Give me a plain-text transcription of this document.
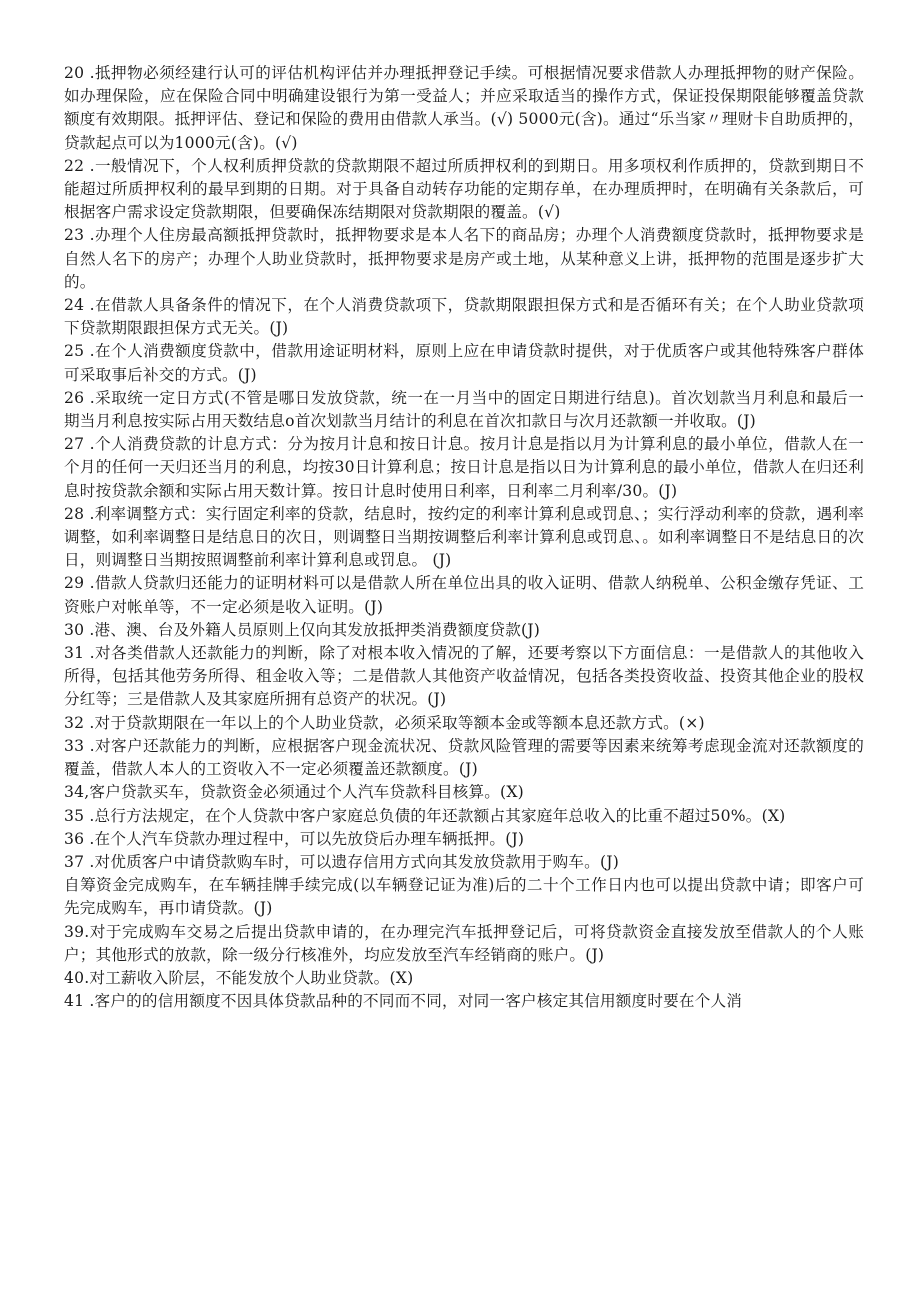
20 .抵押物必须经建行认可的评估机构评估并办理抵押登记手续。可根据情况要求借款人办理抵押物的财产保险。如办理保险，应在保险合同中明确建设银行为第一受益人；并应采取适当的操作方式，保证投保期限能够覆盖贷款额度有效期限。抵押评估、登记和保险的费用由借款人承当。(√) 5000元(含)。通过“乐当家〃理财卡自助质押的，贷款起点可以为1000元(含)。(√)

22 .一般情况下，个人权利质押贷款的贷款期限不超过所质押权利的到期日。用多项权利作质押的，贷款到期日不能超过所质押权利的最早到期的日期。对于具备自动转存功能的定期存单，在办理质押时，在明确有关条款后，可根据客户需求设定贷款期限，但要确保冻结期限对贷款期限的覆盖。(√)

23 .办理个人住房最高额抵押贷款时，抵押物要求是本人名下的商品房；办理个人消费额度贷款时，抵押物要求是自然人名下的房产；办理个人助业贷款时，抵押物要求是房产或土地，从某种意义上讲，抵押物的范围是逐步扩大的。

24 .在借款人具备条件的情况下，在个人消费贷款项下，贷款期限跟担保方式和是否循环有关；在个人助业贷款项下贷款期限跟担保方式无关。(J)

25 .在个人消费额度贷款中，借款用途证明材料，原则上应在申请贷款时提供，对于优质客户或其他特殊客户群体可采取事后补交的方式。(J)

26 .采取统一定日方式(不管是哪日发放贷款，统一在一月当中的固定日期进行结息)。首次划款当月利息和最后一期当月利息按实际占用天数结息o首次划款当月结计的利息在首次扣款日与次月还款额一并收取。(J)

27 .个人消费贷款的计息方式：分为按月计息和按日计息。按月计息是指以月为计算利息的最小单位，借款人在一个月的任何一天归还当月的利息，均按30日计算利息；按日计息是指以日为计算利息的最小单位，借款人在归还利息时按贷款余额和实际占用天数计算。按日计息时使用日利率，日利率二月利率/30。(J)

28 .利率调整方式：实行固定利率的贷款，结息时，按约定的利率计算利息或罚息、；实行浮动利率的贷款，遇利率调整，如利率调整日是结息日的次日，则调整日当期按调整后利率计算利息或罚息、。如利率调整日不是结息日的次日，则调整日当期按照调整前利率计算利息或罚息。 (J)

29 .借款人贷款归还能力的证明材料可以是借款人所在单位出具的收入证明、借款人纳税单、公积金缴存凭证、工资账户对帐单等，不一定必须是收入证明。(J)

30 .港、澳、台及外籍人员原则上仅向其发放抵押类消费额度贷款(J)

31 .对各类借款人还款能力的判断，除了对根本收入情况的了解，还要考察以下方面信息：一是借款人的其他收入所得，包括其他劳务所得、租金收入等；二是借款人其他资产收益情况，包括各类投资收益、投资其他企业的股权分红等；三是借款人及其家庭所拥有总资产的状况。(J)

32 .对于贷款期限在一年以上的个人助业贷款，必须采取等额本金或等额本息还款方式。(×)

33 .对客户还款能力的判断，应根据客户现金流状况、贷款风险管理的需要等因素来统筹考虑现金流对还款额度的覆盖，借款人本人的工资收入不一定必须覆盖还款额度。(J)

34,客户贷款买车，贷款资金必须通过个人汽车贷款科目核算。(X)

35 .总行方法规定，在个人贷款中客户家庭总负债的年还款额占其家庭年总收入的比重不超过50%。(X)

36 .在个人汽车贷款办理过程中，可以先放贷后办理车辆抵押。(J)

37 .对优质客户中请贷款购车时，可以遗存信用方式向其发放贷款用于购车。(J)

自筹资金完成购车，在车辆挂牌手续完成(以车辆登记证为准)后的二十个工作日内也可以提出贷款中请；即客户可先完成购车，再巾请贷款。(J)

39.对于完成购车交易之后提出贷款申请的，在办理完汽车抵押登记后，可将贷款资金直接发放至借款人的个人账户；其他形式的放款，除一级分行核准外，均应发放至汽车经销商的账户。(J)

40.对工薪收入阶层，不能发放个人助业贷款。(X)

41 .客户的的信用额度不因具体贷款品种的不同而不同，对同一客户核定其信用额度时要在个人消
